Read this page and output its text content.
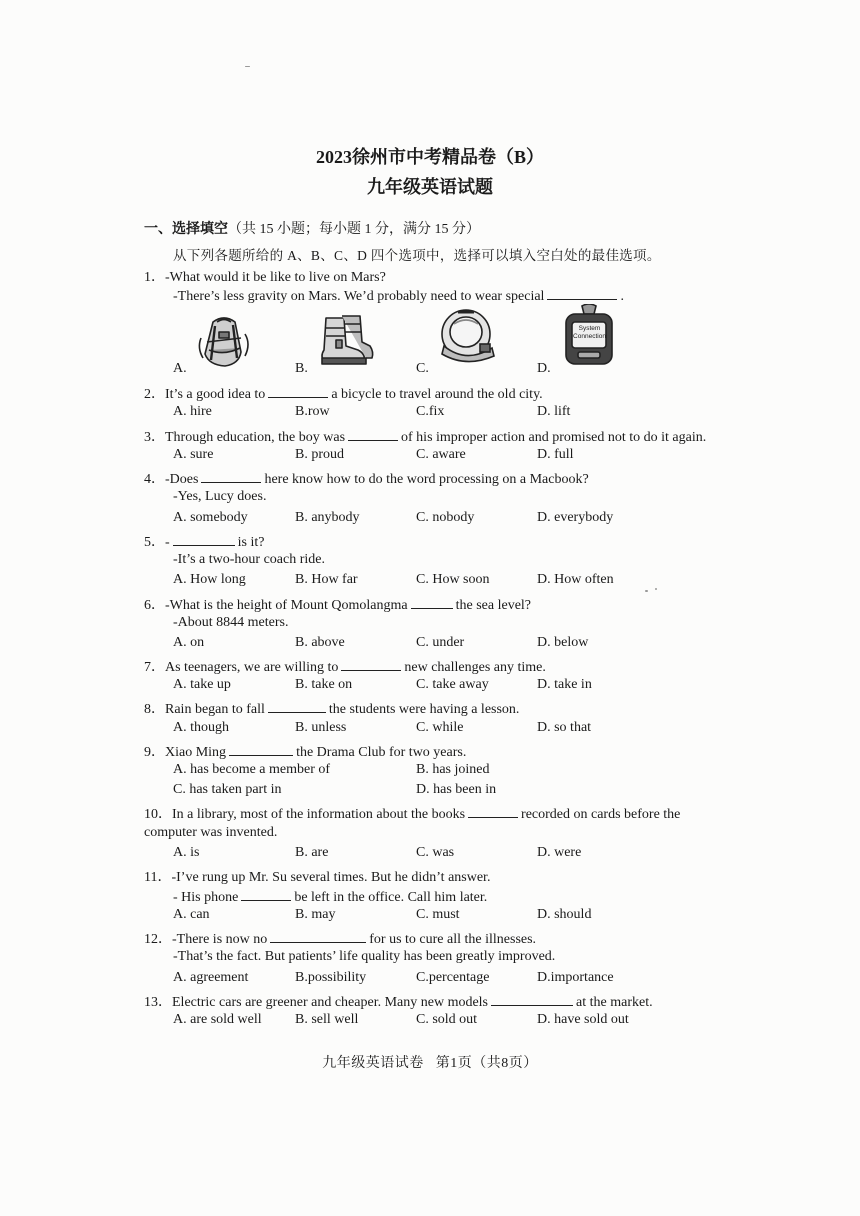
2023徐州市中考精品卷（B）
九年级英语试题
一、选择填空（共 15 小题；每小题 1 分，满分 15 分）
从下列各题所给的 A、B、C、D 四个选项中，选择可以填入空白处的最佳选项。
1．-What would it be like to live on Mars?
-There’s less gravity on Mars. We’d probably need to wear special	.
System Connection
A.	B.	C.	D.
2．It’s a good idea to	a bicycle to travel around the old city.
A. hire	B.row	C.fix	D. lift
3．Through education, the boy was	of his improper action and promised not to do it again.
A. sure	B. proud	C. aware	D. full
4．-Does	here know how to do the word processing on a Macbook?
-Yes, Lucy does.
A. somebody	B. anybody	C. nobody	D. everybody
5．-	is it?
-It’s a two-hour coach ride.
A. How long	B. How far	C. How soon	D. How often
6．-What is the height of Mount Qomolangma	the sea level?
-About 8844 meters.
A. on	B. above	C. under	D. below
7．As teenagers, we are willing to	new challenges any time.
A. take up	B. take on	C. take away	D. take in
8．Rain began to fall	the students were having a lesson.
A. though	B. unless	C. while	D. so that
9．Xiao Ming	the Drama Club for two years.
A. has become a member of	B. has joined
C. has taken part in	D. has been in
10．In a library, most of the information about the books	recorded on cards before the
computer was invented.
A. is	B. are	C. was	D. were
11．-I’ve rung up Mr. Su several times. But he didn’t answer.
- His phone	be left in the office. Call him later.
A. can	B. may	C. must	D. should
12．-There is now no	for us to cure all the illnesses.
-That’s the fact. But patients’ life quality has been greatly improved.
A. agreement	B.possibility	C.percentage	D.importance
13．Electric cars are greener and cheaper. Many new models	at the market.
A. are sold well B. sell well	C. sold out	D. have sold out
九年级英语试卷 第1页（共8页）
